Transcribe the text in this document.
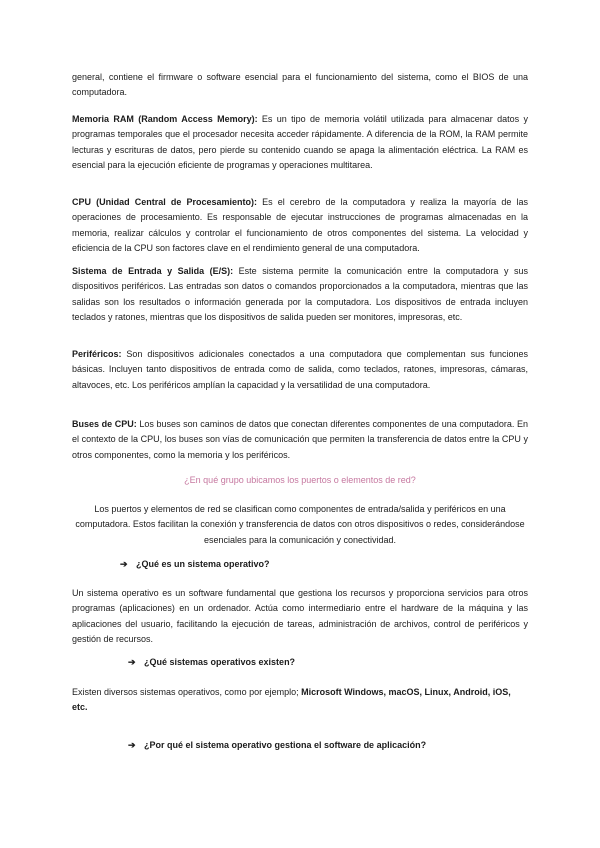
general, contiene el firmware o software esencial para el funcionamiento del sistema, como el BIOS de una computadora.

Memoria RAM (Random Access Memory): Es un tipo de memoria volátil utilizada para almacenar datos y programas temporales que el procesador necesita acceder rápidamente. A diferencia de la ROM, la RAM permite lecturas y escrituras de datos, pero pierde su contenido cuando se apaga la alimentación eléctrica. La RAM es esencial para la ejecución eficiente de programas y operaciones multitarea.

CPU (Unidad Central de Procesamiento): Es el cerebro de la computadora y realiza la mayoría de las operaciones de procesamiento. Es responsable de ejecutar instrucciones de programas almacenadas en la memoria, realizar cálculos y controlar el funcionamiento de otros componentes del sistema. La velocidad y eficiencia de la CPU son factores clave en el rendimiento general de una computadora.

Sistema de Entrada y Salida (E/S): Este sistema permite la comunicación entre la computadora y sus dispositivos periféricos. Las entradas son datos o comandos proporcionados a la computadora, mientras que las salidas son los resultados o información generada por la computadora. Los dispositivos de entrada incluyen teclados y ratones, mientras que los dispositivos de salida pueden ser monitores, impresoras, etc.

Periféricos: Son dispositivos adicionales conectados a una computadora que complementan sus funciones básicas. Incluyen tanto dispositivos de entrada como de salida, como teclados, ratones, impresoras, cámaras, altavoces, etc. Los periféricos amplían la capacidad y la versatilidad de una computadora.

Buses de CPU: Los buses son caminos de datos que conectan diferentes componentes de una computadora. En el contexto de la CPU, los buses son vías de comunicación que permiten la transferencia de datos entre la CPU y otros componentes, como la memoria y los periféricos.

¿En qué grupo ubicamos los puertos o elementos de red?

Los puertos y elementos de red se clasifican como componentes de entrada/salida y periféricos en una computadora. Estos facilitan la conexión y transferencia de datos con otros dispositivos o redes, considerándose esenciales para la comunicación y conectividad.

➔ ¿Qué es un sistema operativo?

Un sistema operativo es un software fundamental que gestiona los recursos y proporciona servicios para otros programas (aplicaciones) en un ordenador. Actúa como intermediario entre el hardware de la máquina y las aplicaciones del usuario, facilitando la ejecución de tareas, administración de archivos, control de periféricos y gestión de recursos.

➔ ¿Qué sistemas operativos existen?

Existen diversos sistemas operativos, como por ejemplo; Microsoft Windows, macOS, Linux, Android, iOS, etc.

➔ ¿Por qué el sistema operativo gestiona el software de aplicación?
